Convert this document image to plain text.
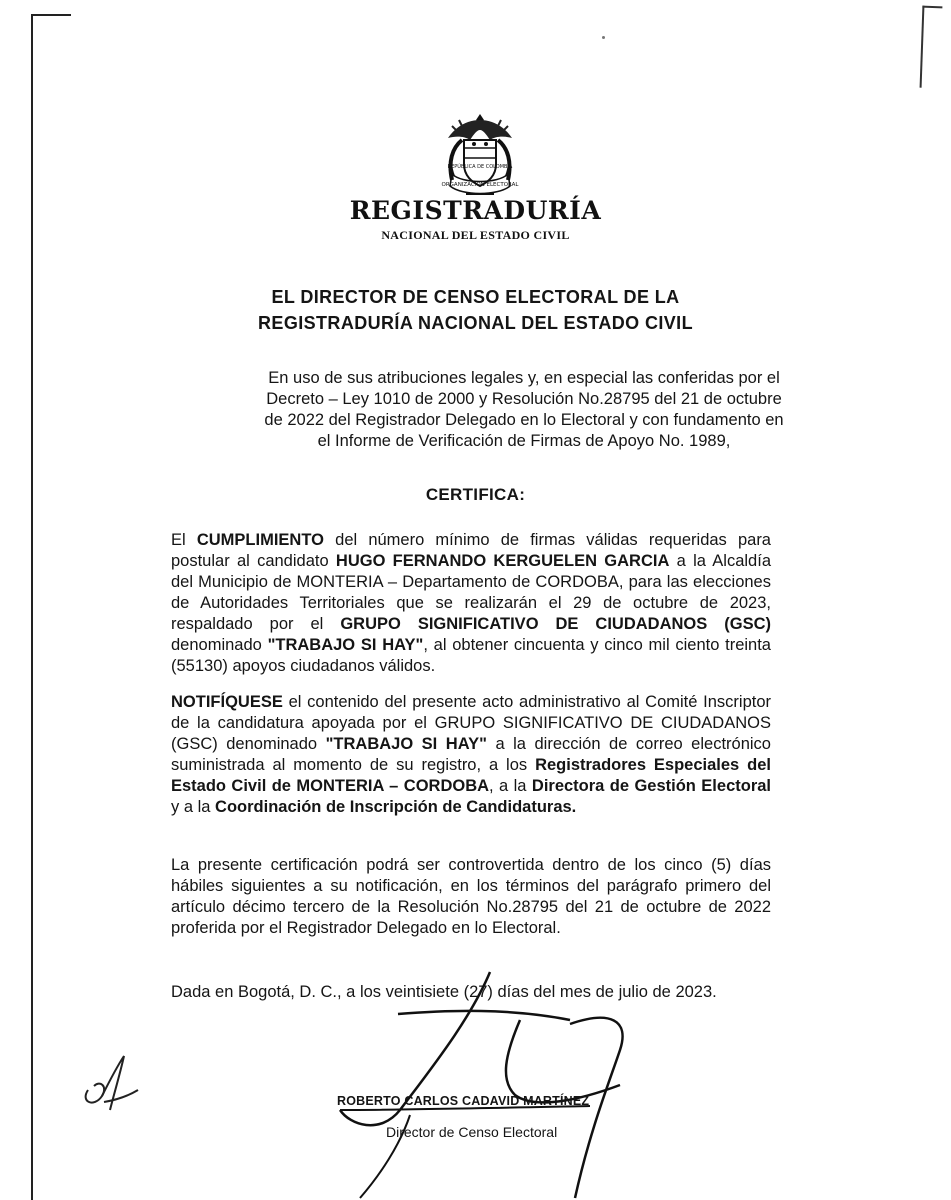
REPÚBLICA DE COLOMBIA
ORGANIZACIÓN ELECTORAL
REGISTRADURÍA
NACIONAL DEL ESTADO CIVIL
EL DIRECTOR DE CENSO ELECTORAL DE LA
REGISTRADURÍA NACIONAL DEL ESTADO CIVIL
En uso de sus atribuciones legales y, en especial las conferidas por el Decreto – Ley 1010 de 2000 y Resolución No.28795 del 21 de octubre de 2022 del Registrador Delegado en lo Electoral y con fundamento en el Informe de Verificación de Firmas de Apoyo No. 1989,
CERTIFICA:
El CUMPLIMIENTO del número mínimo de firmas válidas requeridas para postular al candidato HUGO FERNANDO KERGUELEN GARCIA a la Alcaldía del Municipio de MONTERIA – Departamento de CORDOBA, para las elecciones de Autoridades Territoriales que se realizarán el 29 de octubre de 2023, respaldado por el GRUPO SIGNIFICATIVO DE CIUDADANOS (GSC) denominado "TRABAJO SI HAY", al obtener cincuenta y cinco mil ciento treinta (55130) apoyos ciudadanos válidos.
NOTIFÍQUESE el contenido del presente acto administrativo al Comité Inscriptor de la candidatura apoyada por el GRUPO SIGNIFICATIVO DE CIUDADANOS (GSC) denominado "TRABAJO SI HAY" a la dirección de correo electrónico suministrada al momento de su registro, a los Registradores Especiales del Estado Civil de MONTERIA – CORDOBA, a la Directora de Gestión Electoral y a la Coordinación de Inscripción de Candidaturas.
La presente certificación podrá ser controvertida dentro de los cinco (5) días hábiles siguientes a su notificación, en los términos del parágrafo primero del artículo décimo tercero de la Resolución No.28795 del 21 de octubre de 2022 proferida por el Registrador Delegado en lo Electoral.
Dada en Bogotá, D. C., a los veintisiete (27) días del mes de julio de 2023.
ROBERTO CARLOS CADAVID MARTÍNEZ
Director de Censo Electoral
